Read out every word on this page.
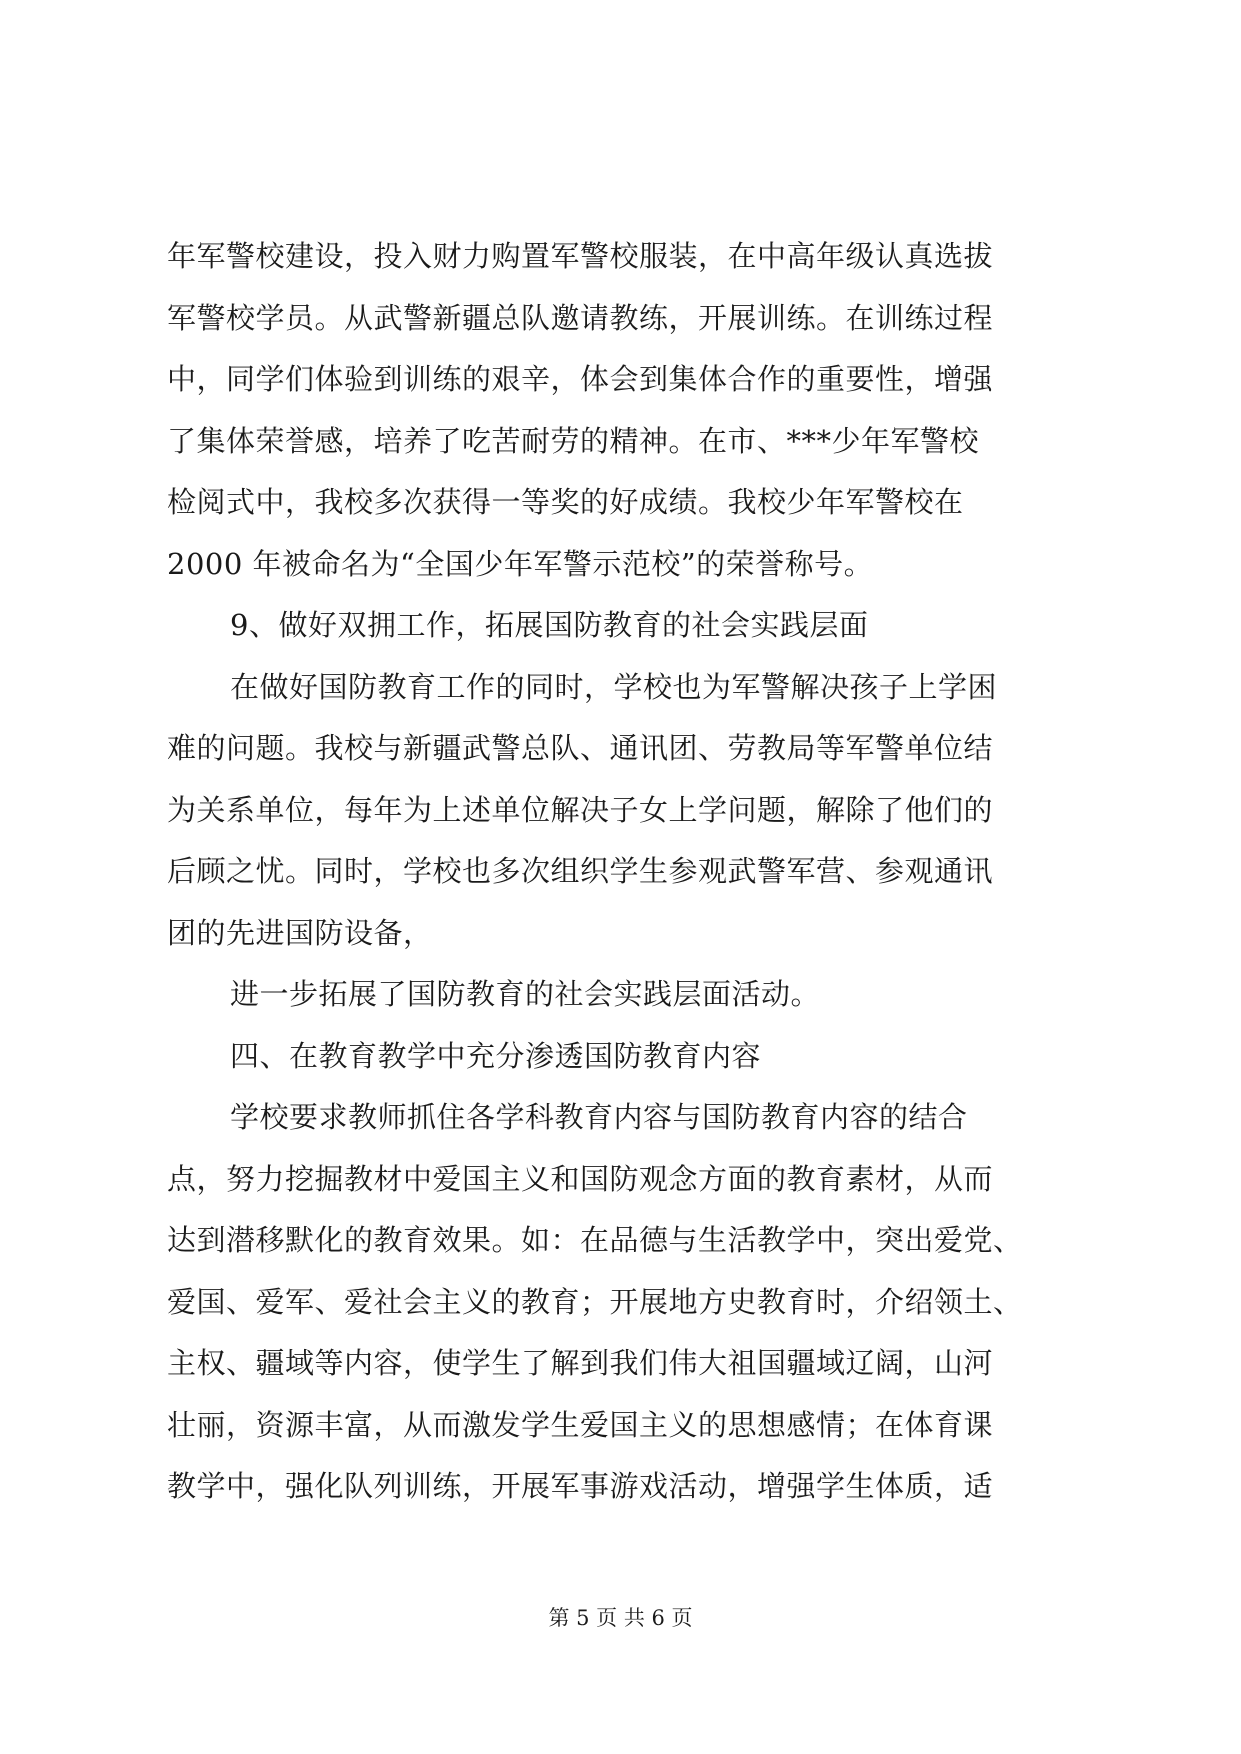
年军警校建设，投入财力购置军警校服装，在中高年级认真选拔
军警校学员。从武警新疆总队邀请教练，开展训练。在训练过程
中，同学们体验到训练的艰辛，体会到集体合作的重要性，增强
了集体荣誉感，培养了吃苦耐劳的精神。在市、***少年军警校
检阅式中，我校多次获得一等奖的好成绩。我校少年军警校在
2000 年被命名为“全国少年军警示范校”的荣誉称号。
9、做好双拥工作，拓展国防教育的社会实践层面
在做好国防教育工作的同时，学校也为军警解决孩子上学困
难的问题。我校与新疆武警总队、通讯团、劳教局等军警单位结
为关系单位，每年为上述单位解决子女上学问题，解除了他们的
后顾之忧。同时，学校也多次组织学生参观武警军营、参观通讯
团的先进国防设备，
进一步拓展了国防教育的社会实践层面活动。
四、在教育教学中充分渗透国防教育内容
学校要求教师抓住各学科教育内容与国防教育内容的结合
点，努力挖掘教材中爱国主义和国防观念方面的教育素材，从而
达到潜移默化的教育效果。如：在品德与生活教学中，突出爱党、
爱国、爱军、爱社会主义的教育；开展地方史教育时，介绍领土、
主权、疆域等内容，使学生了解到我们伟大祖国疆域辽阔，山河
壮丽，资源丰富，从而激发学生爱国主义的思想感情；在体育课
教学中，强化队列训练，开展军事游戏活动，增强学生体质，适
第 5 页 共 6 页
